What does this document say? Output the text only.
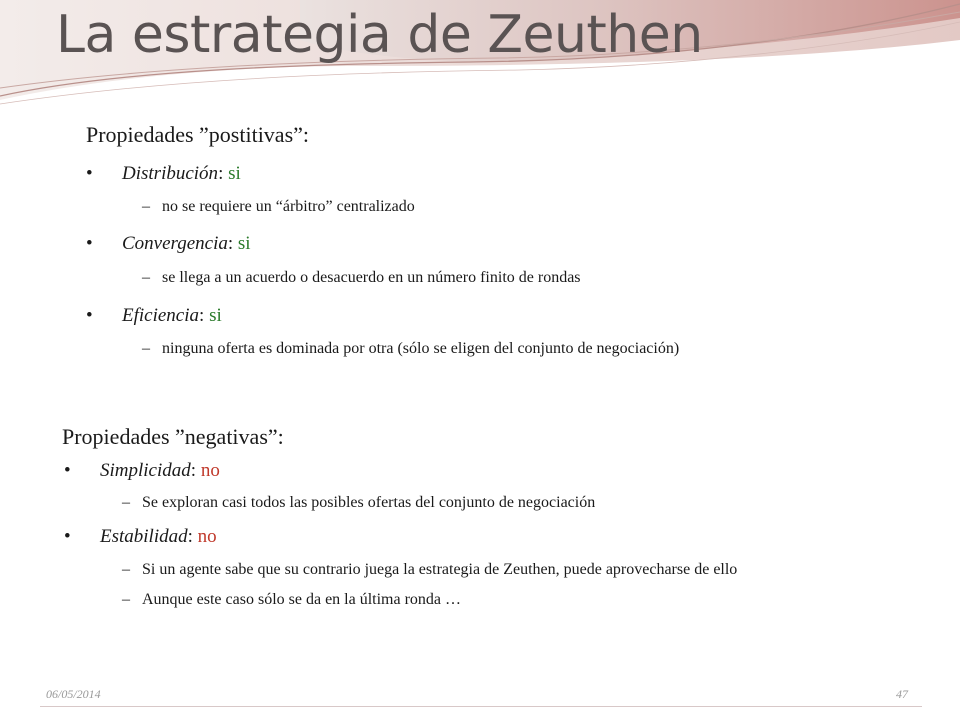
La estrategia de Zeuthen
Propiedades ”postitivas”:
• Distribución: si
– no se requiere un “árbitro” centralizado
• Convergencia: si
– se llega a un acuerdo o desacuerdo en un número finito de rondas
• Eficiencia: si
– ninguna oferta es dominada por otra (sólo se eligen del conjunto de negociación)
Propiedades ”negativas”:
• Simplicidad: no
– Se exploran casi todos las posibles ofertas del conjunto de negociación
• Estabilidad: no
– Si un agente sabe que su contrario juega la estrategia de Zeuthen, puede aprovecharse de ello
– Aunque este caso sólo se da en la última ronda …
06/05/2014	47
